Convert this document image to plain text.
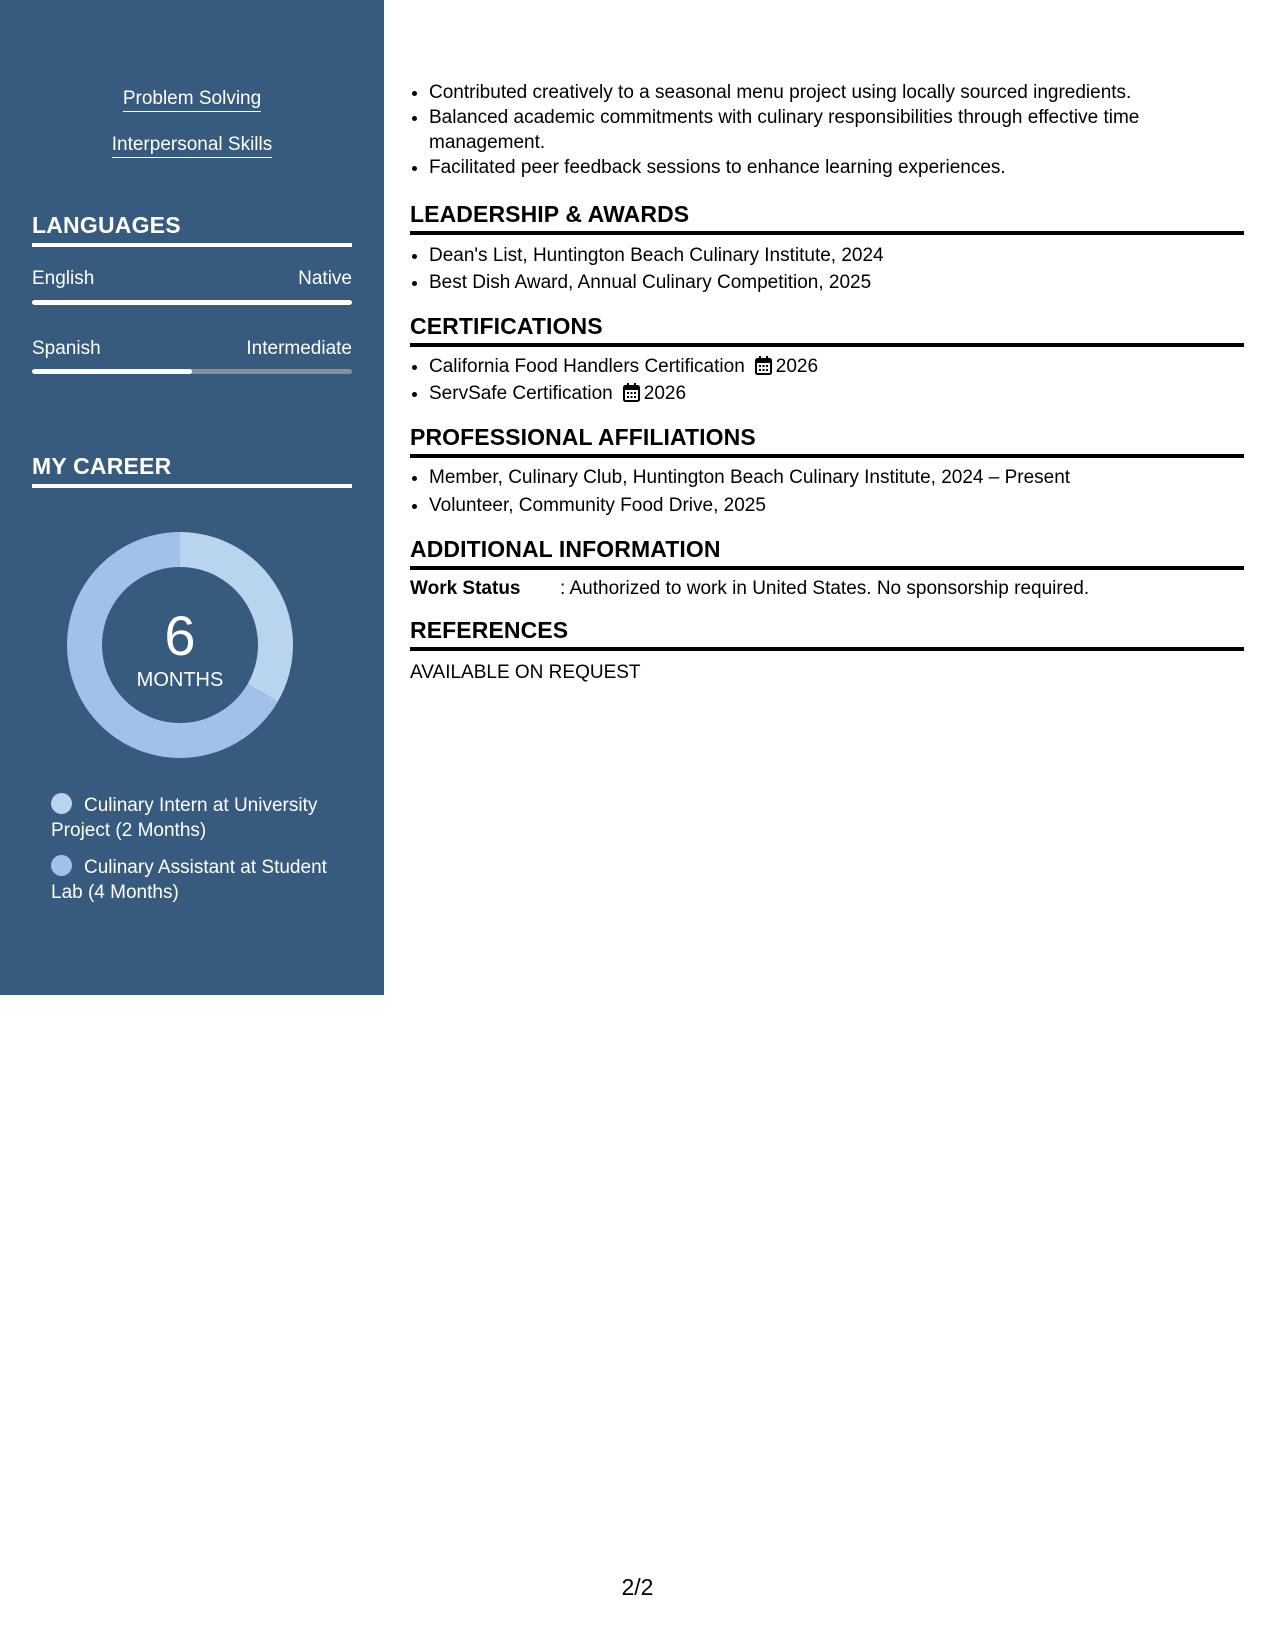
Problem Solving
Interpersonal Skills
LANGUAGES
English	Native
Spanish	Intermediate
MY CAREER
6
MONTHS
Culinary Intern at University Project (2 Months)
Culinary Assistant at Student Lab (4 Months)
• Contributed creatively to a seasonal menu project using locally sourced ingredients.
• Balanced academic commitments with culinary responsibilities through effective time management.
• Facilitated peer feedback sessions to enhance learning experiences.
LEADERSHIP & AWARDS
• Dean's List, Huntington Beach Culinary Institute, 2024
• Best Dish Award, Annual Culinary Competition, 2025
CERTIFICATIONS
• California Food Handlers Certification 2026
• ServSafe Certification 2026
PROFESSIONAL AFFILIATIONS
• Member, Culinary Club, Huntington Beach Culinary Institute, 2024 – Present
• Volunteer, Community Food Drive, 2025
ADDITIONAL INFORMATION
Work Status : Authorized to work in United States. No sponsorship required.
REFERENCES
AVAILABLE ON REQUEST
2/2
